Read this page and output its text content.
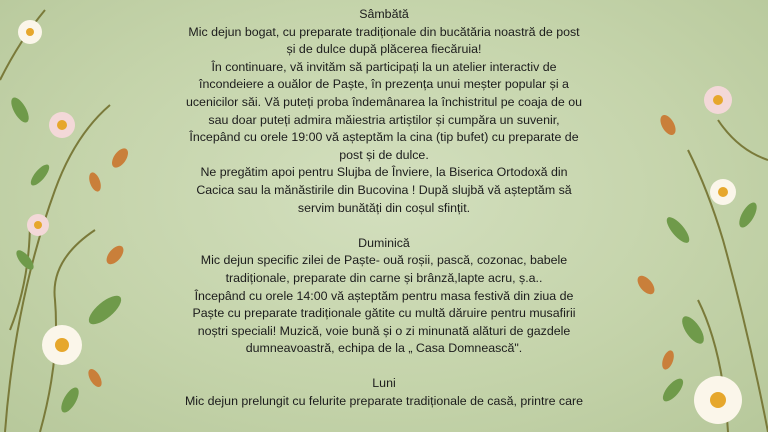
Sâmbătă

Mic dejun bogat, cu preparate tradiționale din bucătăria noastră de post

și de dulce după plăcerea fiecăruia!

În continuare, vă invităm să participați la un atelier interactiv de

încondeiere a ouălor de Paște, în prezența unui meșter popular și a

ucenicilor săi. Vă puteți proba îndemânarea la închistritul pe coaja de ou

sau doar puteți admira măiestria artiștilor și cumpăra un suvenir,

Începând cu orele 19:00 vă așteptăm la cina (tip bufet) cu preparate de

post și de dulce.

Ne pregătim apoi pentru Slujba de Înviere, la Biserica Ortodoxă din

Cacica sau la mănăstirile din Bucovina ! După slujbă vă așteptăm să

servim bunătăți din coșul sfințit.

Duminică

Mic dejun specific zilei de Paște- ouă roșii, pască, cozonac, babele

tradiționale, preparate din carne și brânză,lapte acru, ș.a..

Începând cu orele 14:00 vă așteptăm pentru masa festivă din ziua de

Paște cu preparate tradiționale gătite cu multă dăruire pentru musafirii

noștri speciali! Muzică, voie bună și o zi minunată alături de gazdele

dumneavoastră, echipa de la „ Casa Domnească".

Luni

Mic dejun prelungit cu felurite preparate tradiționale de casă, printre care
